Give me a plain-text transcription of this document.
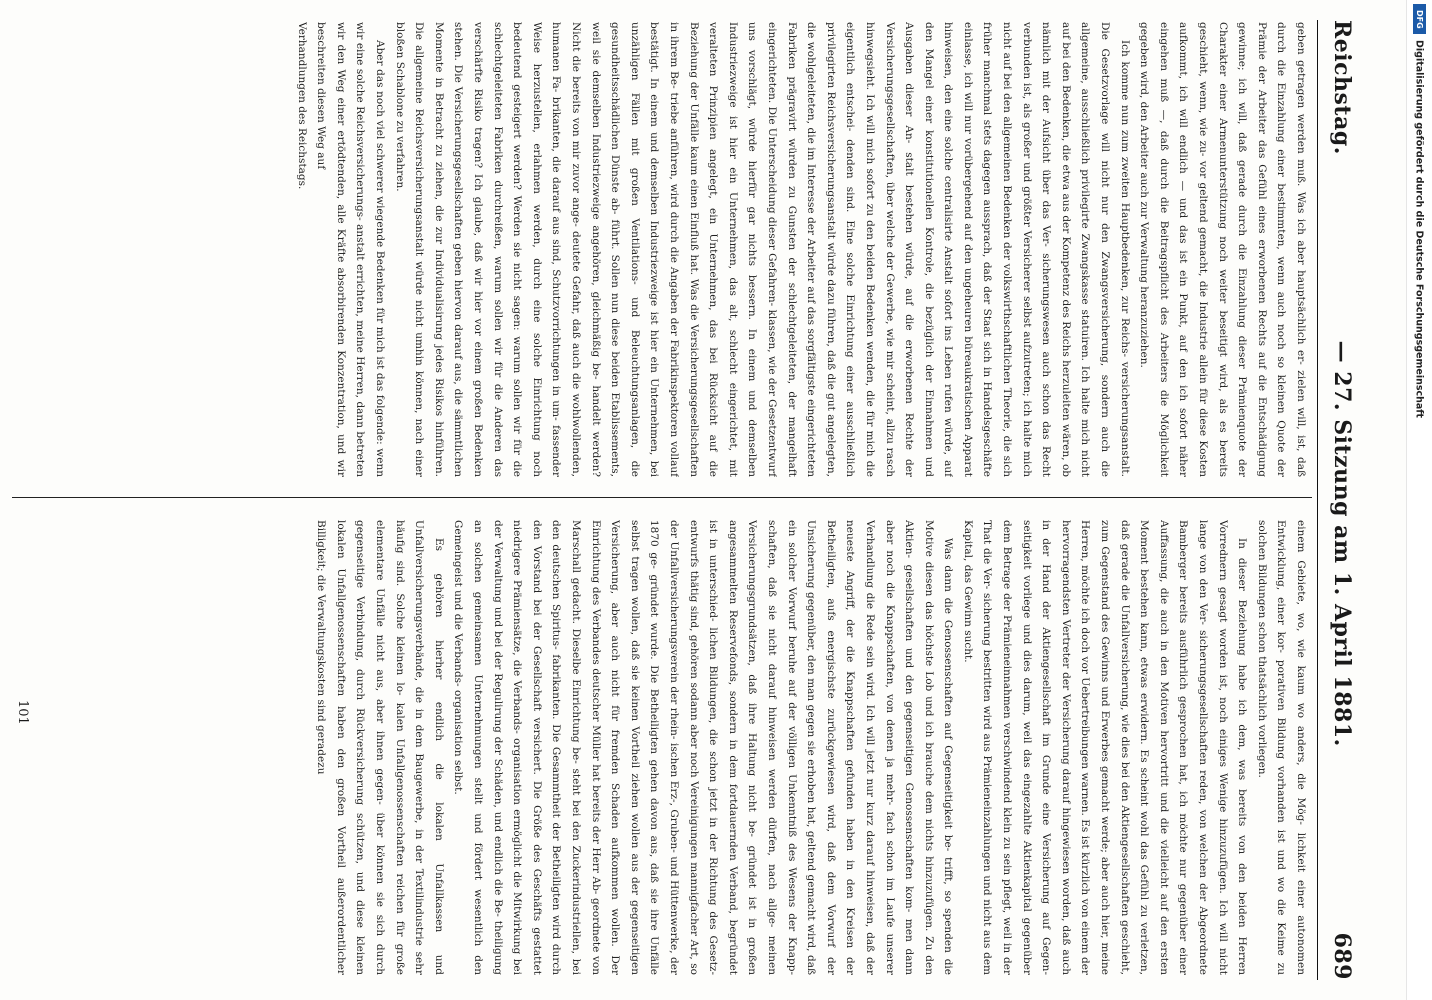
Reichstag.
— 27. Sitzung am 1. April 1881.
689

geben getragen werden muß. Was ich aber hauptsächlich er- zielen will, ist, daß durch die Einzahlung einer bestimmten, wenn auch noch so kleinen Quote der Prämie der Arbeiter das Gefühl eines erworbenen Rechts auf die Entschädigung gewinne; ich will, daß gerade durch die Einzahlung dieser Prämienquote der Charakter einer Armenunterstützung noch weiter beseitigt wird, als es bereits geschieht, wenn, wie zu- vor geltend gemacht, die Industrie allein für diese Kosten aufkommt, ich will endlich — und das ist ein Punkt, auf den ich sofort näher eingehen muß —, daß durch die Beitragspflicht des Arbeiters die Möglichkeit gegeben wird, den Arbeiter auch zur Verwaltung heranzuziehen.

Ich komme nun zum zweiten Hauptbedenken, zur Reichs- versicherungsanstalt. Die Gesetzvorlage will nicht nur den Zwangsversicherung, sondern auch die allgemeine, ausschließlich privilegirte Zwangskasse statuiren. Ich halte mich nicht auf bei den Bedenken, die etwa aus der Kompetenz des Reichs herzuleiten wären, ob nämlich mit der Aufsicht über das Ver- sicherungswesen auch schon das Recht verbunden ist, als großer und größter Versicherer selbst aufzutreten; ich halte mich nicht auf bei den allgemeinen Bedenken der volkswirthschaftlichen Theorie, die sich früher manchmal stets dagegen aussprach, daß der Staat sich in Handelsgeschäfte einlasse, ich will nur vorübergehend auf den ungeheuren büreaukratischen Apparat hinweisen, den eine solche centralisirte Anstalt sofort ins Leben rufen würde, auf den Mangel einer konstitutionellen Kontrole, die bezüglich der Einnahmen und Ausgaben dieser An- stalt bestehen würde, auf die erworbenen Rechte der Versicherungsgesellschaften, über welche der Gewerbe, wie mir scheint, allzu rasch hinwegsieht. Ich will mich sofort zu den beiden Bedenken wenden, die für mich die eigentlich entschei- denden sind. Eine solche Einrichtung einer ausschließlich privilegirten Reichsversicherungsanstalt würde dazu führen, daß die gut angelegten, die wohlgeleiteten, die im Interesse der Arbeiter auf das sorgfältigste eingerichteten Fabriken prägravirt würden zu Gunsten der schlechtgeleiteten, der mangelhaft eingerichteten. Die Unterscheidung dieser Gefahren- klassen, wie der Gesetzentwurf uns vorschlägt, würde hierfür gar nichts bessern. In einem und demselben Industriezweige ist hier ein Unternehmen, das alt, schlecht eingerichtet, mit veralteten Prinzipien angelegt, ein Unternehmen, das bei Rücksicht auf die Beziehung der Unfälle kaum einen Einfluß hat. Was die Versicherungsgesellschaften in ihrem Be- triebe anführen, wird durch die Angaben der Fabrikinspektoren vollauf bestätigt. In einem und demselben Industriezweige ist hier ein Unternehmen, bei unzähligen Fällen mit großen Ventilations- und Beleuchtungsanlagen, die gesundheitsschädlichen Dünste ab- führt. Sollen nun diese beiden Etablissements, weil sie demselben Industriezweige angehören, gleichmäßig be- handelt werden? Nicht die bereits von mir zuvor ange- deutete Gefahr, daß auch die wohlwollenden, humanen Fa- brikanten, die darauf aus sind, Schutzvorrichtungen in um- fassender Weise herzustellen, erlahmen werden, durch eine solche Einrichtung noch bedeutend gesteigert werden? Werden sie nicht sagen: warum sollen wir für die schlechtgeleiteten Fabriken durchreißen, warum sollen wir für die Anderen das verschärfte Risiko tragen? Ich glaube, daß wir hier vor einem großen Bedenken stehen. Die Versicherungsgesellschaften geben hiervon darauf aus, die sämmtlichen Momente in Betracht zu ziehen, die zur Individualisirung jedes Risikos hinführen. Die allgemeine Reichsversicherungsanstalt würde nicht umhin können, nach einer bloßen Schablone zu verfahren.

Aber das noch viel schwerer wiegende Bedenken für mich ist das folgende: wenn wir eine solche Reichsversicherungs- anstalt errichten, meine Herren, dann betreten wir den Weg einer ertödtenden, alle Kräfte absorbirenden Konzentration, und wir beschreiten diesen Weg auf

Verhandlungen des Reichstags.

einem Gebiete, wo, wie kaum wo anders, die Mög- lichkeit einer autonomen Entwicklung, einer kor- porativen Bildung vorhanden ist und wo die Keime zu solchen Bildungen schon thatsächlich vorliegen.

In dieser Beziehung habe ich dem, was bereits von den beiden Herren Vorrednern gesagt worden ist, noch einiges Wenige hinzuzufügen. Ich will nicht lange von den Ver- sicherungsgesellschaften reden, von welchen der Abgeordnete Bamberger bereits ausführlich gesprochen hat, ich möchte nur gegenüber einer Auffassung, die auch in den Motiven hervortritt und die vielleicht auf den ersten Moment bestehen kann, etwas erwidern. Es scheint wohl das Gefühl zu verletzen, daß gerade die Unfallversicherung, wie dies bei den Aktiengesellschaften geschieht, zum Gegenstand des Gewinns und Erwerbes gemacht werde; aber auch hier, meine Herren, möchte ich doch vor Uebertreibungen warnen. Es ist kürzlich von einem der hervorragendsten Vertreter der Versicherung darauf hingewiesen worden, daß auch in der Hand der Aktiengesellschaft im Grunde eine Versicherung auf Gegen- seitigkeit vorliege und dies darum, weil das eingezahlte Aktienkapital gegenüber dem Betrage der Prämieneinnahmen verschwindend klein zu sein pflegt, weil in der That die Ver- sicherung bestritten wird aus Prämieneinzahlungen und nicht aus dem Kapital, das Gewinn sucht.

Was dann die Genossenschaften auf Gegenseitigkeit be- trifft, so spenden die Motive diesen das höchste Lob und ich brauche dem nichts hinzuzufügen. Zu den Aktien- gesellschaften und den gegenseitigen Genossenschaften kom- men dann aber noch die Knappschaften, von denen ja mehr- fach schon im Laufe unserer Verhandlung die Rede sein wird. Ich will jetzt nur kurz darauf hinweisen, daß der neueste Angriff, der die Knappschaften gefunden haben in den Kreisen der Betheiligten, aufs energischste zurückgewiesen wird, daß dem Vorwurf der Unsicherung gegenüber, den man gegen sie erhoben hat, geltend gemacht wird, daß ein solcher Vorwurf beruhe auf der völligen Unkenntniß des Wesens der Knapp- schaften, daß sie nicht darauf hinweisen werden dürfen, nach allge- meinen Versicherungsgrundsätzen, daß ihre Haltung nicht be- gründet ist in großen angesammelten Reservefonds, sondern in dem fortdauernden Verband, begründet ist in unterschied- lichen Bildungen, die schon jetzt in der Richtung des Gesetz- entwurfs thätig sind, gehören sodann aber noch Vereinigungen mannigfacher Art, so der Unfallversicherungsverein der rhein- ischen Erz-, Gruben- und Hüttenwerke, der 1870 ge- gründet wurde. Die Betheiligten gehen davon aus, daß sie ihre Unfälle selbst tragen wollen, daß sie keinen Vortheil ziehen wollen aus der gegenseitigen Versicherung, aber auch nicht für fremden Schaden aufkommen wollen. Der Einrichtung des Verbandes deutscher Müller hat bereits der Herr Ab- geordnete von Marschall gedacht. Dieselbe Einrichtung be- steht bei den Zuckerindustriellen, bei den deutschen Spiritus- fabrikanten. Die Gesammtheit der Betheiligten wird durch den Vorstand bei der Gesellschaft versichert. Die Größe des Geschäfts gestattet niedrigere Prämiensätze, die Verbands- organisation ermöglicht die Mitwirkung bei der Verwaltung und bei der Regulirung der Schäden, und endlich die Be- theiligung an solchen gemeinsamen Unternehmungen stellt und fördert wesentlich den Gemeingeist und die Verbands- organisation selbst.

Es gehören hierher endlich die lokalen Unfallkassen und Unfallversicherungsverbände, die in dem Baugewerbe, in der Textilindustrie sehr häufig sind. Solche kleinen lo- kalen Unfallgenossenschaften reichen für große elementare Unfälle nicht aus, aber ihnen gegen- über können sie sich durch gegenseitige Verbindung, durch Rückversicherung schützen, und diese kleinen lokalen Unfallgenossenschaften haben den großen Vortheil außerordentlicher Billigkeit; die Verwaltungskosten sind geradezu

101
DFG
Digitalisierung gefördert durch die Deutsche Forschungsgemeinschaft
